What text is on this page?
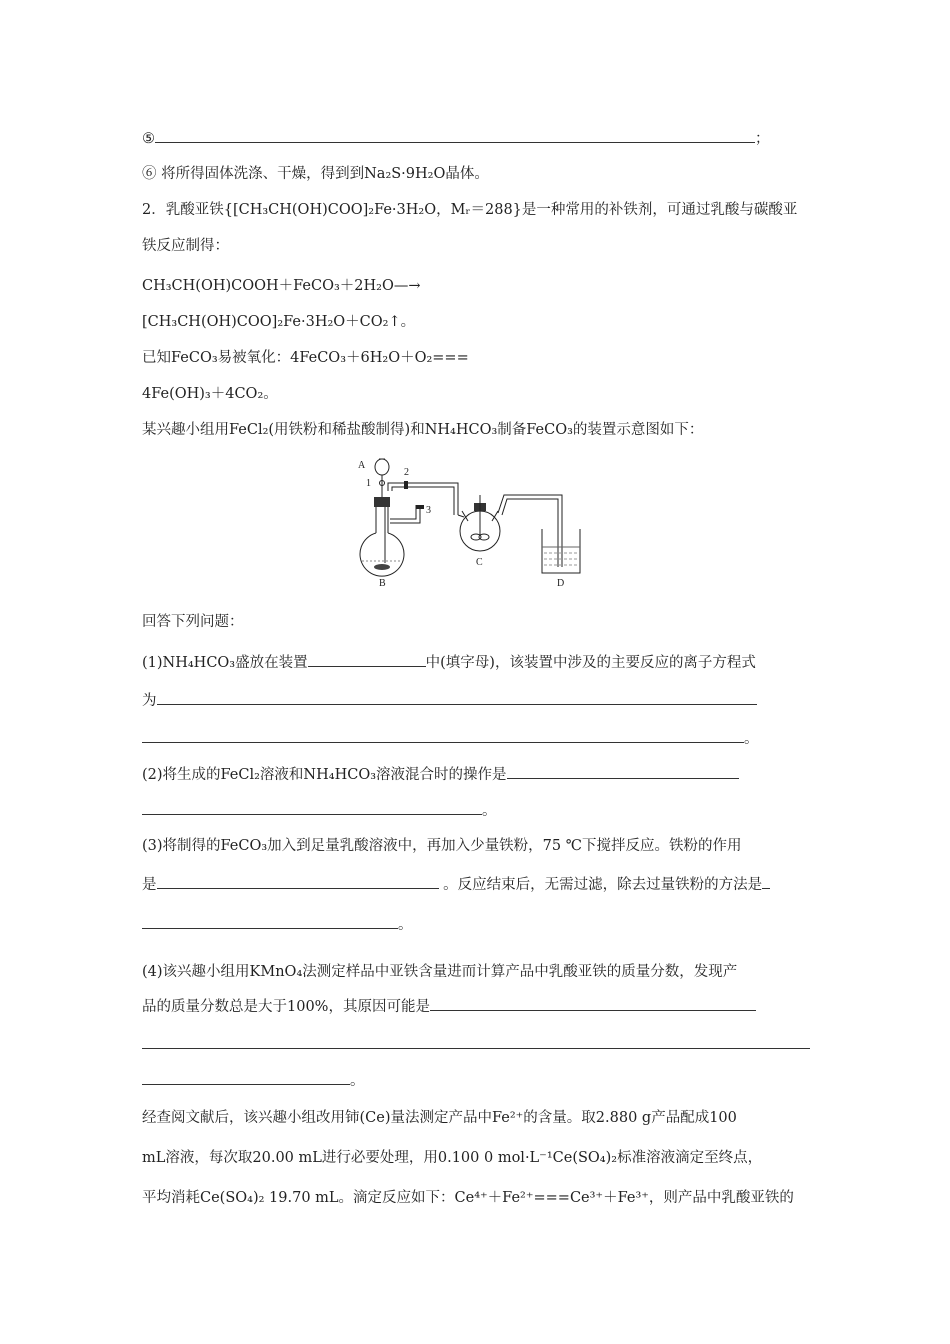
⑤	；
⑥ 将所得固体洗涤、干燥，得到到Na₂S·9H₂O晶体。
2．乳酸亚铁{[CH₃CH(OH)COO]₂Fe·3H₂O，Mᵣ＝288}是一种常用的补铁剂，可通过乳酸与碳酸亚
铁反应制得：
CH₃CH(OH)COOH＋FeCO₃＋2H₂O—→
[CH₃CH(OH)COO]₂Fe·3H₂O＋CO₂↑。
已知FeCO₃易被氧化：4FeCO₃＋6H₂O＋O₂===
4Fe(OH)₃＋4CO₂。
某兴趣小组用FeCl₂(用铁粉和稀盐酸制得)和NH₄HCO₃制备FeCO₃的装置示意图如下：
A
1
B
2
3
C
D
回答下列问题：
(1)NH₄HCO₃盛放在装置	中(填字母)，该装置中涉及的主要反应的离子方程式
为
。
(2)将生成的FeCl₂溶液和NH₄HCO₃溶液混合时的操作是
。
(3)将制得的FeCO₃加入到足量乳酸溶液中，再加入少量铁粉，75 ℃下搅拌反应。铁粉的作用
是	。反应结束后，无需过滤，除去过量铁粉的方法是
。
(4)该兴趣小组用KMnO₄法测定样品中亚铁含量进而计算产品中乳酸亚铁的质量分数，发现产
品的质量分数总是大于100%，其原因可能是
。
经查阅文献后，该兴趣小组改用铈(Ce)量法测定产品中Fe²⁺的含量。取2.880 g产品配成100
mL溶液，每次取20.00 mL进行必要处理，用0.100 0 mol·L⁻¹Ce(SO₄)₂标准溶液滴定至终点，
平均消耗Ce(SO₄)₂ 19.70 mL。滴定反应如下：Ce⁴⁺＋Fe²⁺===Ce³⁺＋Fe³⁺，则产品中乳酸亚铁的
